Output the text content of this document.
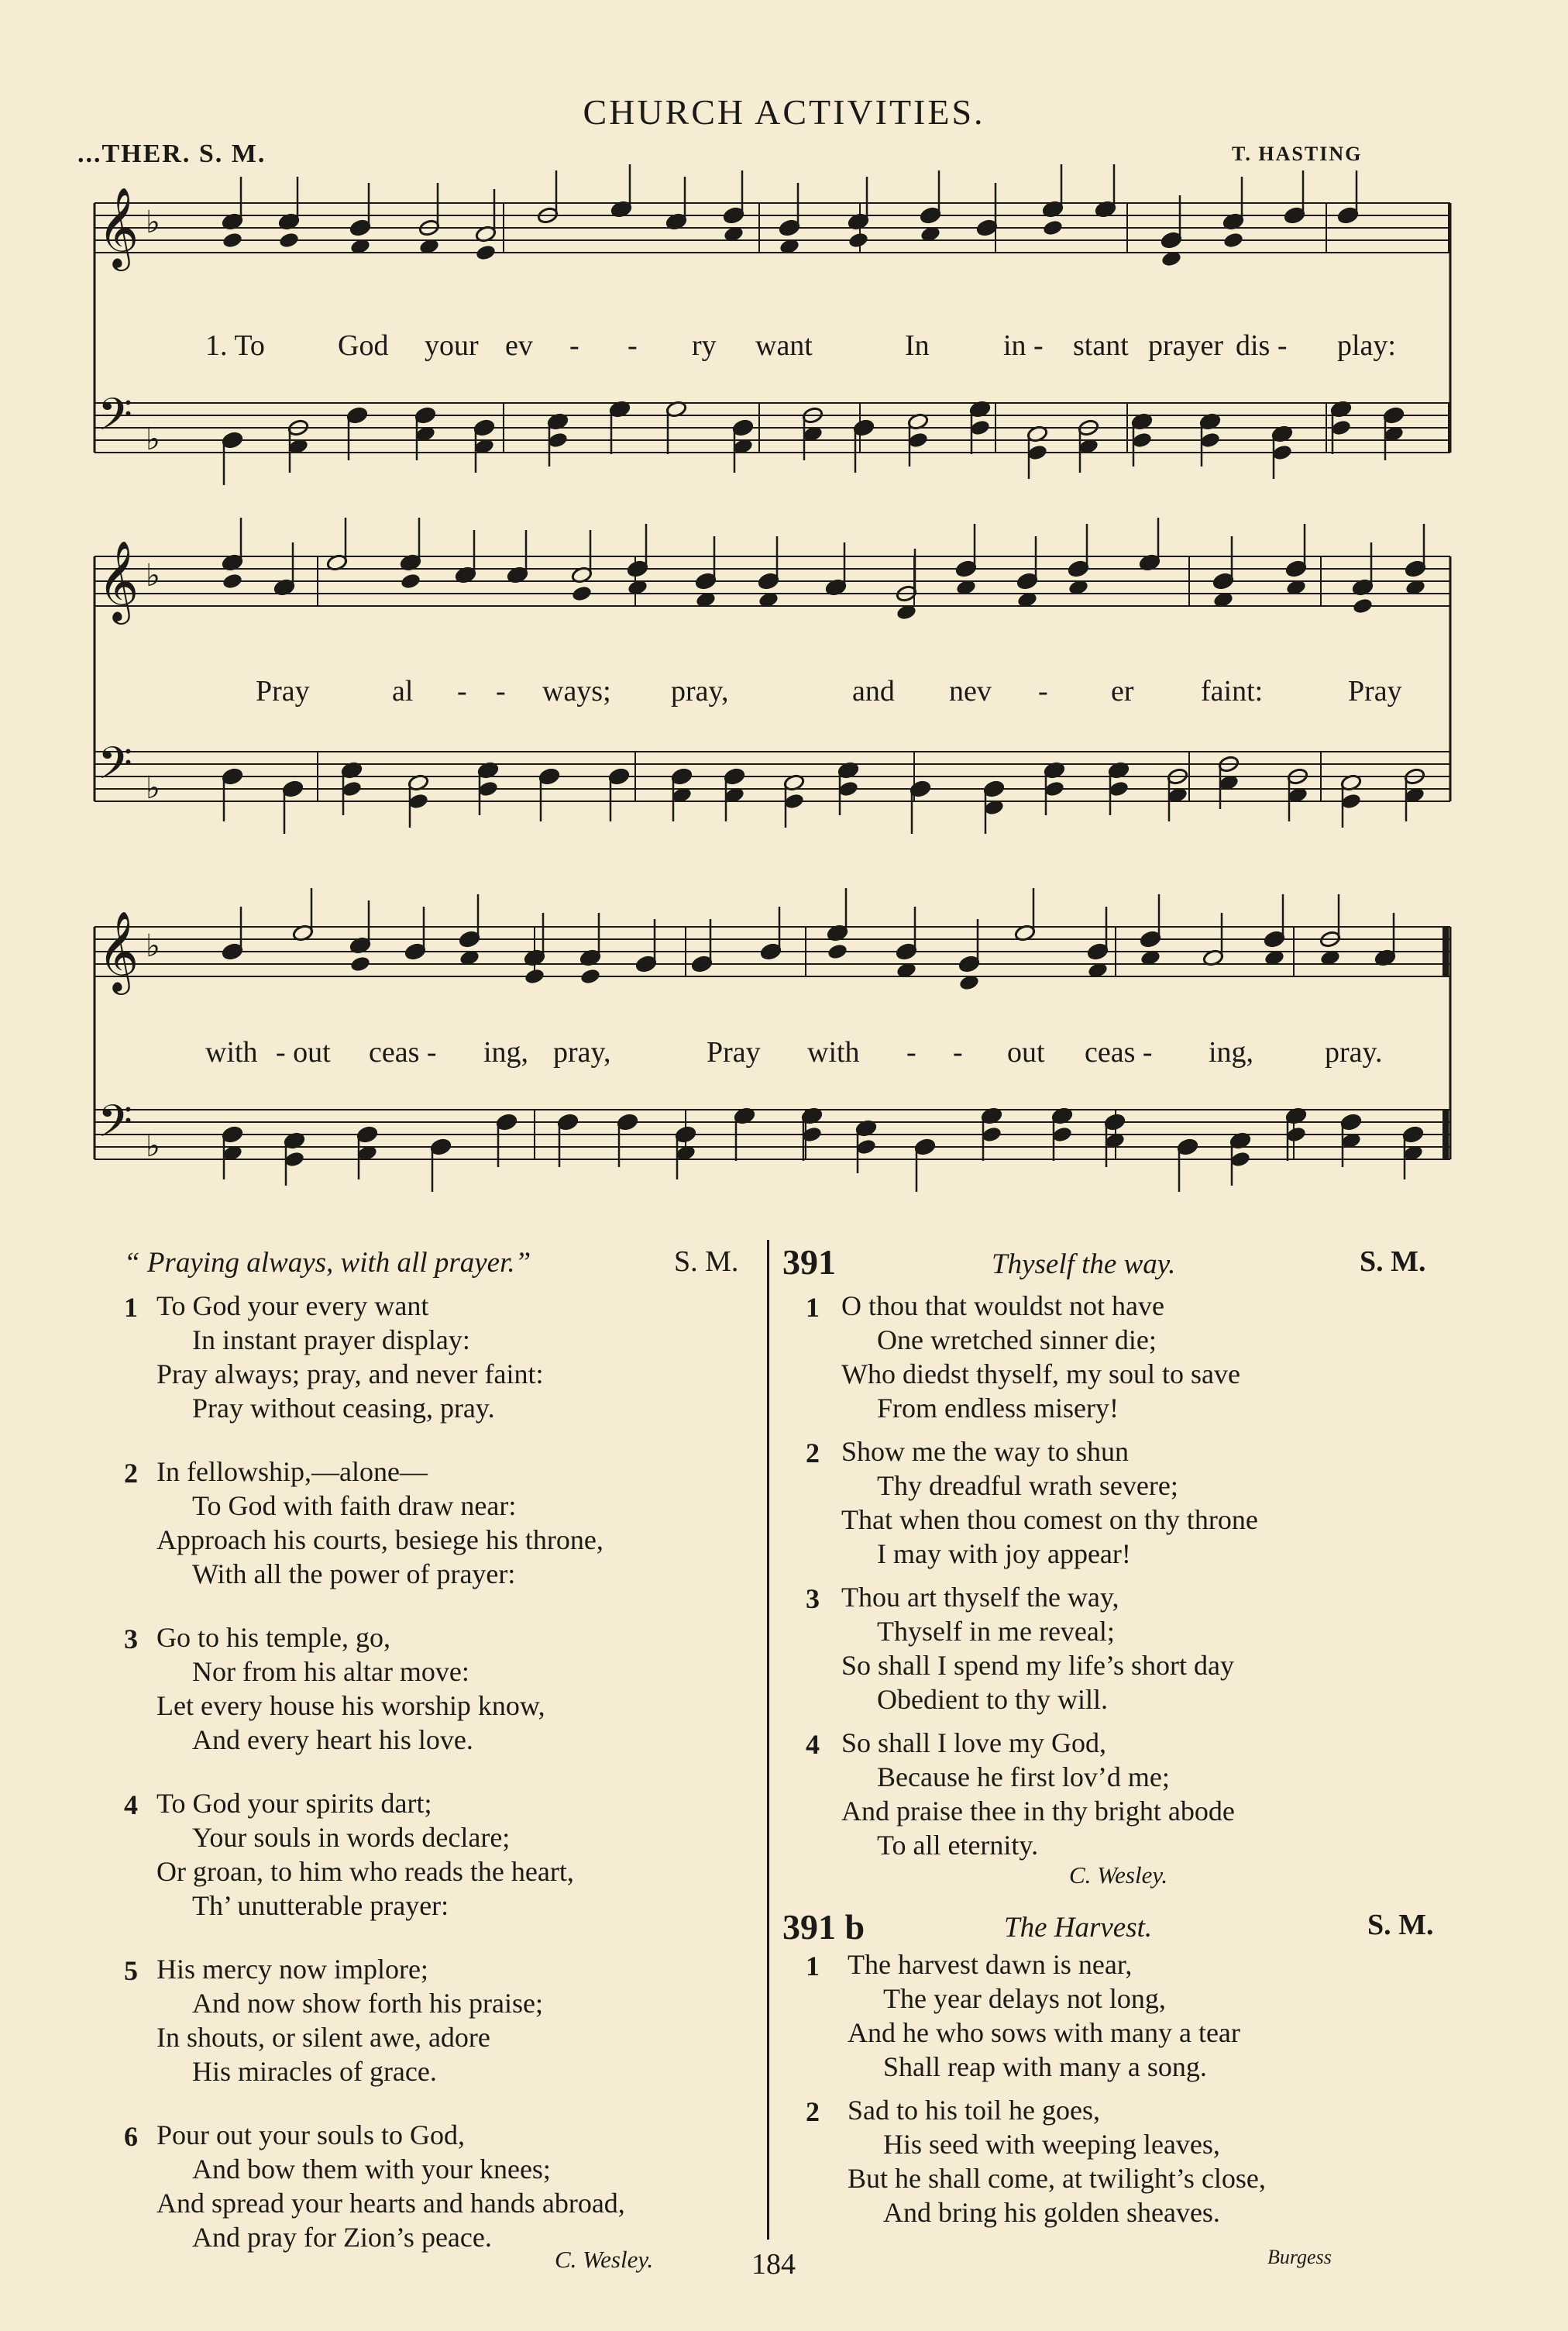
CHURCH ACTIVITIES.
...THER. S. M.	T. HASTING
𝄞 ♭
𝄢 ♭
𝄞 ♭
𝄢 ♭
𝄞 ♭
𝄢 ♭
1. To God your ev - - ry want	In	in - stant prayer dis - play:
Pray	al - - ways; pray,	and nev - er faint:	Pray
with - out ceas - ing, pray,	Pray with - - out ceas - ing, pray.
“ Praying always, with all prayer.”	S. M.
1 To God your every want
In instant prayer display:
Pray always; pray, and never faint:
Pray without ceasing, pray.
2 In fellowship,—alone—
To God with faith draw near:
Approach his courts, besiege his throne,
With all the power of prayer:
3 Go to his temple, go,
Nor from his altar move:
Let every house his worship know,
And every heart his love.
4 To God your spirits dart;
Your souls in words declare;
Or groan, to him who reads the heart,
Th’ unutterable prayer:
5 His mercy now implore;
And now show forth his praise;
In shouts, or silent awe, adore
His miracles of grace.
6 Pour out your souls to God,
And bow them with your knees;
And spread your hearts and hands abroad,
And pray for Zion’s peace.
C. Wesley.
391	Thyself the way.	S. M.
1 O thou that wouldst not have
One wretched sinner die;
Who diedst thyself, my soul to save
From endless misery!
2 Show me the way to shun
Thy dreadful wrath severe;
That when thou comest on thy throne
I may with joy appear!
3 Thou art thyself the way,
Thyself in me reveal;
So shall I spend my life’s short day
Obedient to thy will.
4 So shall I love my God,
Because he first lov’d me;
And praise thee in thy bright abode
To all eternity.
C. Wesley.
391 b	The Harvest.	S. M.
1 The harvest dawn is near,
The year delays not long,
And he who sows with many a tear
Shall reap with many a song.
2 Sad to his toil he goes,
His seed with weeping leaves,
But he shall come, at twilight’s close,
And bring his golden sheaves.
Burgess
184
